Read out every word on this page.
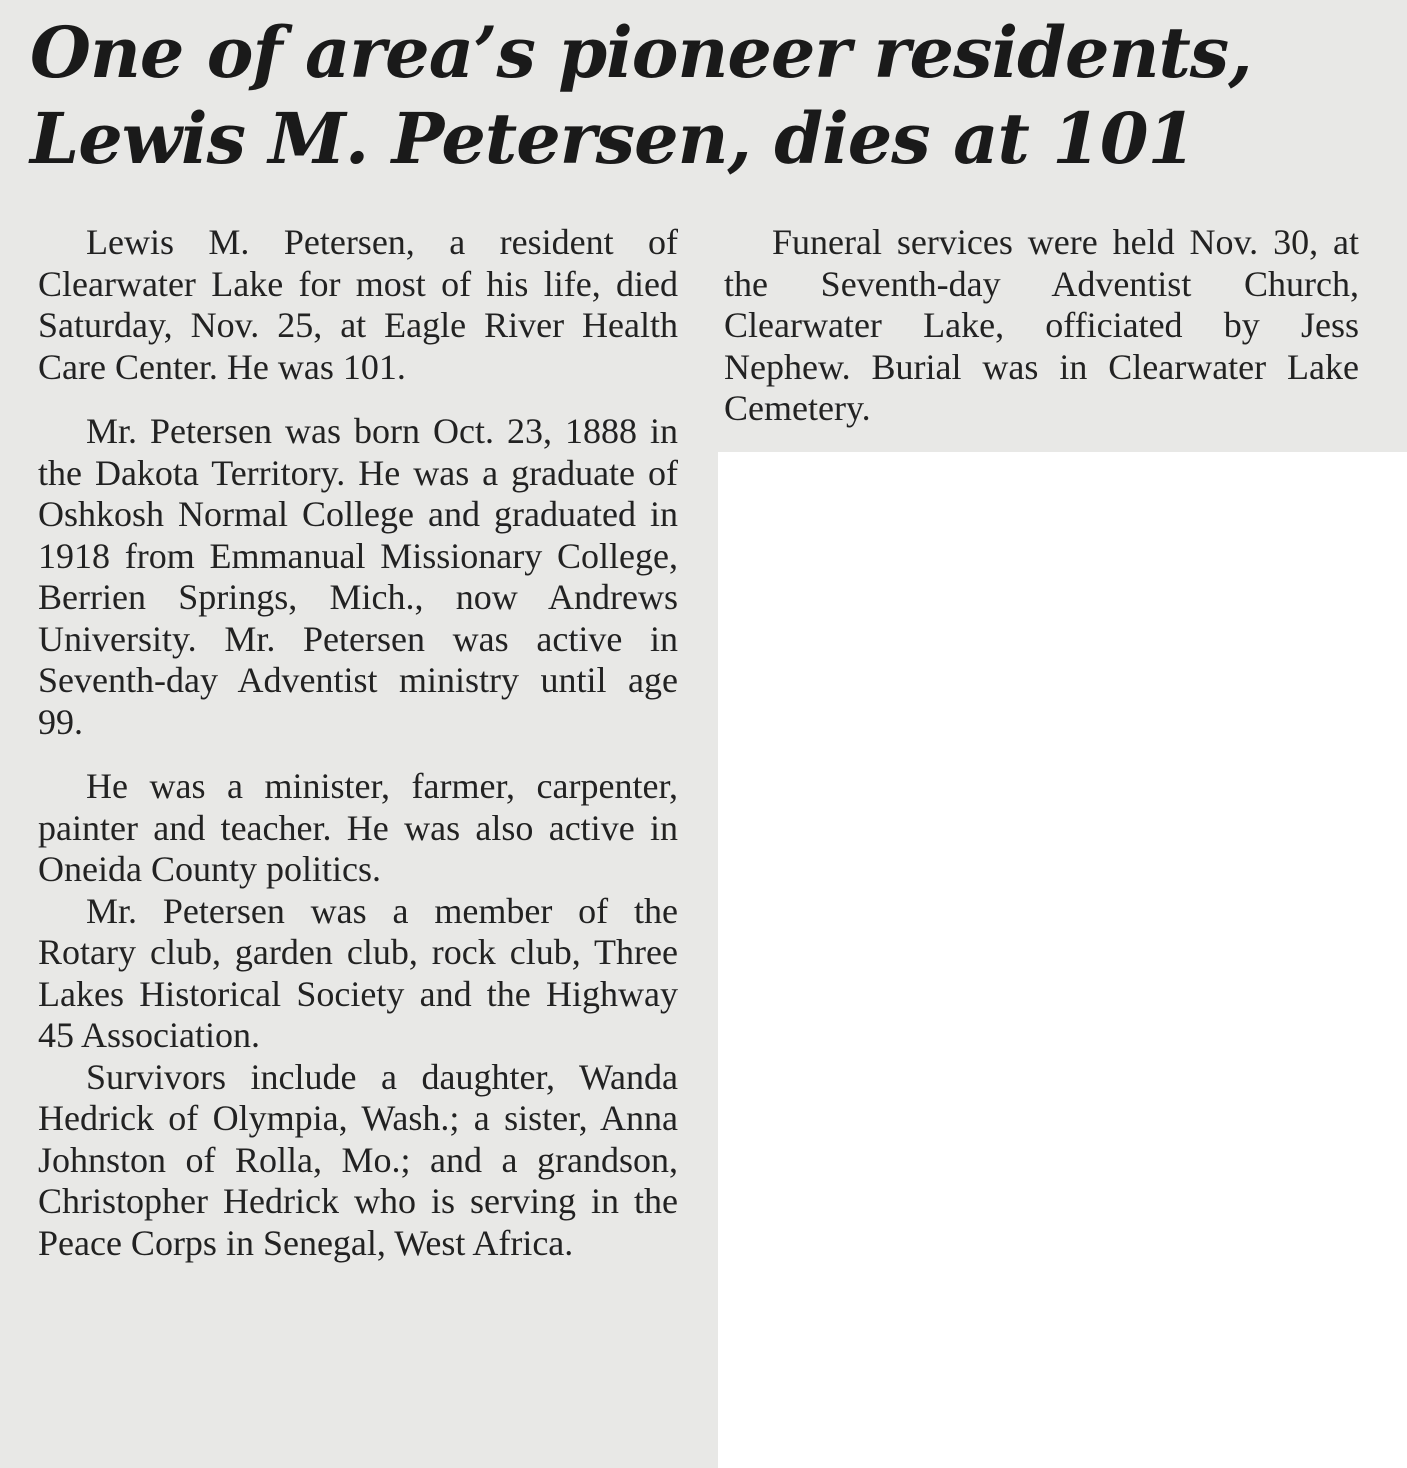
One of area’s pioneer residents,
Lewis M. Petersen, dies at 101

Lewis M. Petersen, a resident of Clearwater Lake for most of his life, died Saturday, Nov. 25, at Eagle River Health Care Center. He was 101.

Mr. Petersen was born Oct. 23, 1888 in the Dakota Territory. He was a graduate of Oshkosh Normal College and graduated in 1918 from Emmanual Missionary College, Berrien Springs, Mich., now Andrews University. Mr. Petersen was active in Seventh-day Adventist ministry until age 99.

He was a minister, farmer, carpenter, painter and teacher. He was also active in Oneida County politics.

Mr. Petersen was a member of the Rotary club, garden club, rock club, Three Lakes Historical Society and the Highway 45 Association.

Survivors include a daughter, Wanda Hedrick of Olympia, Wash.; a sister, Anna Johnston of Rolla, Mo.; and a grandson, Christopher Hedrick who is serving in the Peace Corps in Senegal, West Africa.

Funeral services were held Nov. 30, at the Seventh-day Adventist Church, Clearwater Lake, officiated by Jess Nephew. Burial was in Clearwater Lake Cemetery.
